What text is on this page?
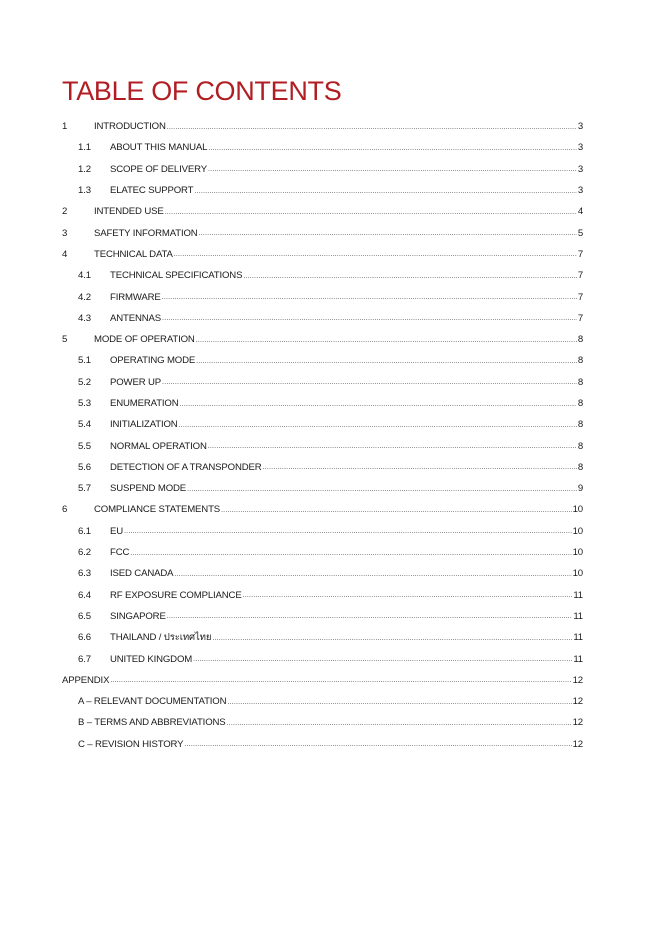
TABLE OF CONTENTS
1	INTRODUCTION .....	3
1.1	ABOUT THIS MANUAL .....	3
1.2	SCOPE OF DELIVERY .....	3
1.3	ELATEC SUPPORT .....	3
2	INTENDED USE .....	4
3	SAFETY INFORMATION .....	5
4	TECHNICAL DATA .....	7
4.1	TECHNICAL SPECIFICATIONS .....	7
4.2	FIRMWARE .....	7
4.3	ANTENNAS .....	7
5	MODE OF OPERATION .....	8
5.1	OPERATING MODE .....	8
5.2	POWER UP .....	8
5.3	ENUMERATION .....	8
5.4	INITIALIZATION .....	8
5.5	NORMAL OPERATION .....	8
5.6	DETECTION OF A TRANSPONDER .....	8
5.7	SUSPEND MODE .....	9
6	COMPLIANCE STATEMENTS .....	10
6.1	EU .....	10
6.2	FCC .....	10
6.3	ISED CANADA .....	10
6.4	RF EXPOSURE COMPLIANCE .....	11
6.5	SINGAPORE .....	11
6.6	THAILAND / ประเทศไทย .....	11
6.7	UNITED KINGDOM .....	11
APPENDIX .....	12
A – RELEVANT DOCUMENTATION .....	12
B – TERMS AND ABBREVIATIONS .....	12
C – REVISION HISTORY .....	12
